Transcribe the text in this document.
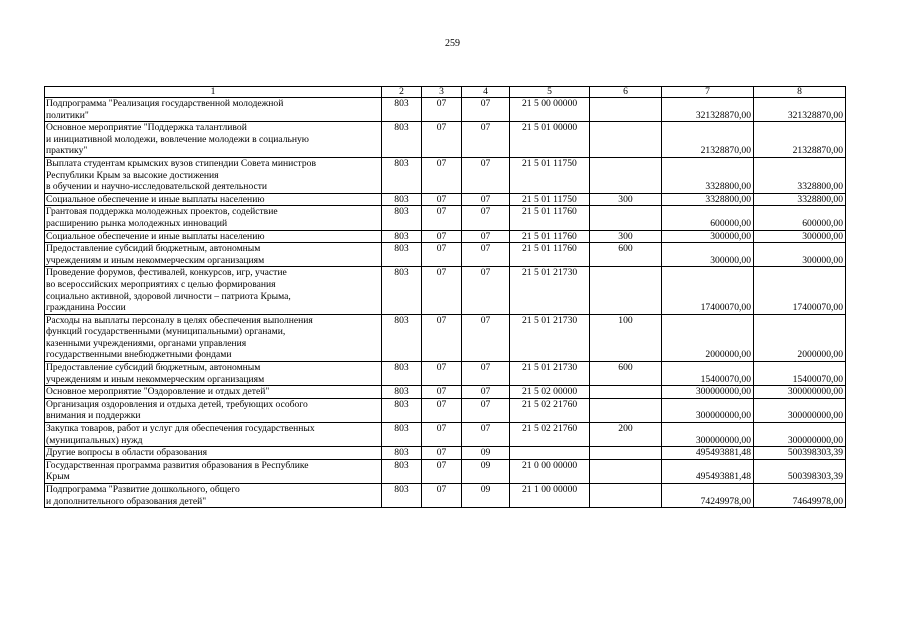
259
1	2	3	4	5	6	7	8
Подпрограмма "Реализация государственной молодежной
политики"	803	07	07	21 5 00 00000		321328870,00	321328870,00
Основное мероприятие "Поддержка талантливой
и инициативной молодежи, вовлечение молодежи в социальную
практику"	803	07	07	21 5 01 00000		21328870,00	21328870,00
Выплата студентам крымских вузов стипендии Совета министров
Республики Крым за высокие достижения
в обучении и научно-исследовательской деятельности	803	07	07	21 5 01 11750		3328800,00	3328800,00
Социальное обеспечение и иные выплаты населению	803	07	07	21 5 01 11750	300	3328800,00	3328800,00
Грантовая поддержка молодежных проектов, содействие
расширению рынка молодежных инноваций	803	07	07	21 5 01 11760		600000,00	600000,00
Социальное обеспечение и иные выплаты населению	803	07	07	21 5 01 11760	300	300000,00	300000,00
Предоставление субсидий бюджетным, автономным
учреждениям и иным некоммерческим организациям	803	07	07	21 5 01 11760	600	300000,00	300000,00
Проведение форумов, фестивалей, конкурсов, игр, участие
во всероссийских мероприятиях с целью формирования
социально активной, здоровой личности – патриота Крыма,
гражданина России	803	07	07	21 5 01 21730		17400070,00	17400070,00
Расходы на выплаты персоналу в целях обеспечения выполнения
функций государственными (муниципальными) органами,
казенными учреждениями, органами управления
государственными внебюджетными фондами	803	07	07	21 5 01 21730	100	2000000,00	2000000,00
Предоставление субсидий бюджетным, автономным
учреждениям и иным некоммерческим организациям	803	07	07	21 5 01 21730	600	15400070,00	15400070,00
Основное мероприятие "Оздоровление и отдых детей"	803	07	07	21 5 02 00000		300000000,00	300000000,00
Организация оздоровления и отдыха детей, требующих особого
внимания и поддержки	803	07	07	21 5 02 21760		300000000,00	300000000,00
Закупка товаров, работ и услуг для обеспечения государственных
(муниципальных) нужд	803	07	07	21 5 02 21760	200	300000000,00	300000000,00
Другие вопросы в области образования	803	07	09			495493881,48	500398303,39
Государственная программа развития образования в Республике
Крым	803	07	09	21 0 00 00000		495493881,48	500398303,39
Подпрограмма "Развитие дошкольного, общего
и дополнительного образования детей"	803	07	09	21 1 00 00000		74249978,00	74649978,00
